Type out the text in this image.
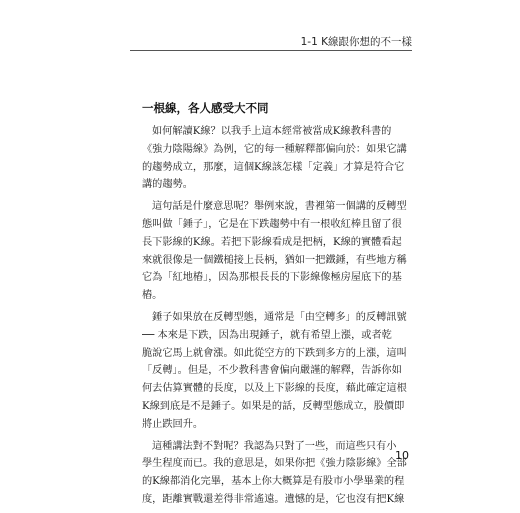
1-1 K線跟你想的不一樣
一根線，各人感受大不同

如何解讀K線？以我手上這本經常被當成K線教科書的
《強力陰陽線》為例，它的每一種解釋都偏向於：如果它講
的趨勢成立，那麼，這個K線該怎樣「定義」才算是符合它
講的趨勢。

這句話是什麼意思呢？舉例來說，書裡第一個講的反轉型
態叫做「錘子」，它是在下跌趨勢中有一根收紅棒且留了很
長下影線的K線。若把下影線看成是把柄，K線的實體看起
來就很像是一個鐵槌接上長柄，猶如一把鐵錘，有些地方稱
它為「紅地樁」，因為那根長長的下影線像極房屋底下的基
樁。

錘子如果放在反轉型態，通常是「由空轉多」的反轉訊號
── 本來是下跌，因為出現錘子，就有希望上漲，或者乾
脆說它馬上就會漲。如此從空方的下跌到多方的上漲，這叫
「反轉」。但是，不少教科書會偏向嚴謹的解釋，告訴你如
何去估算實體的長度，以及上下影線的長度，藉此確定這根
K線到底是不是錘子。如果是的話，反轉型態成立，股價即
將止跌回升。

這種講法對不對呢？我認為只對了一些，而這些只有小
學生程度而已。我的意思是，如果你把《強力陰影線》全部
的K線都消化完畢，基本上你大概算是有股市小學畢業的程
度，距離實戰還差得非常遙遠。遺憾的是，它也沒有把K線

10
